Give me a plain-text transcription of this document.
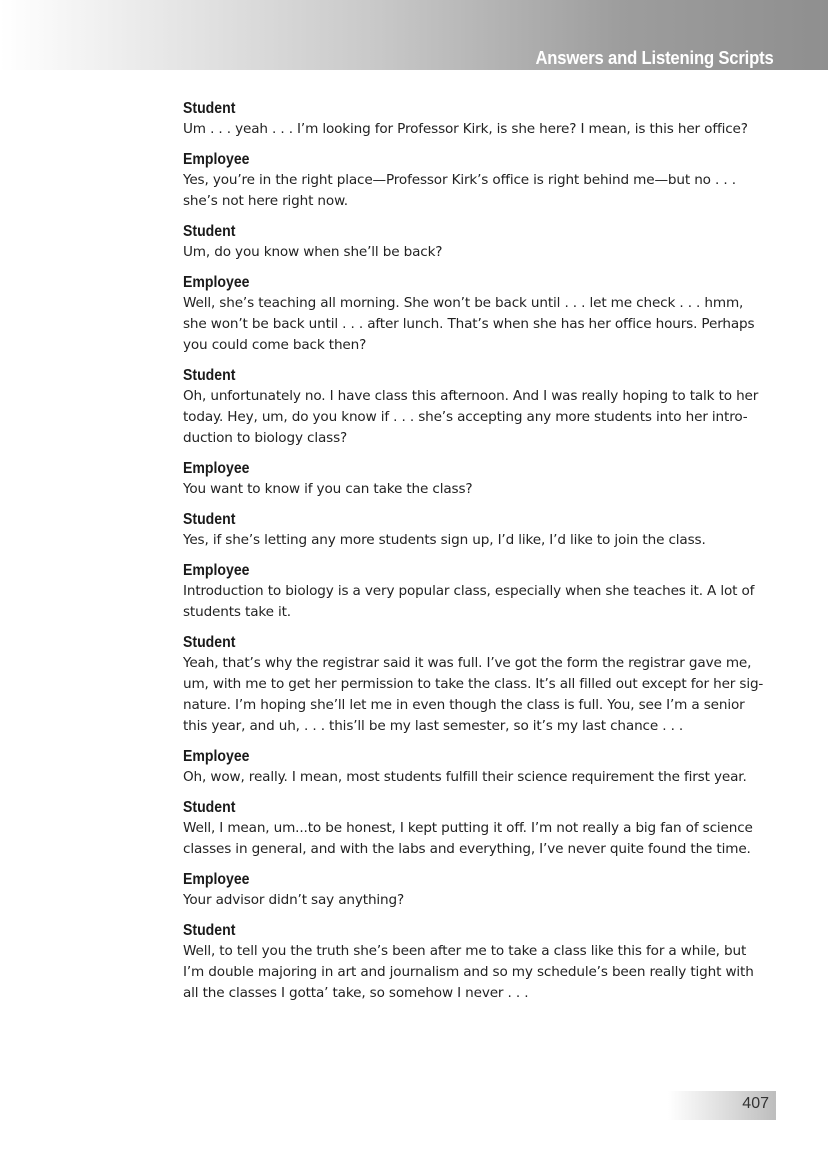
Answers and Listening Scripts
Student
Um . . . yeah . . . I’m looking for Professor Kirk, is she here? I mean, is this her office?
Employee
Yes, you’re in the right place—Professor Kirk’s office is right behind me—but no . . .
she’s not here right now.
Student
Um, do you know when she’ll be back?
Employee
Well, she’s teaching all morning. She won’t be back until . . . let me check . . . hmm,
she won’t be back until . . . after lunch. That’s when she has her office hours. Perhaps
you could come back then?
Student
Oh, unfortunately no. I have class this afternoon. And I was really hoping to talk to her
today. Hey, um, do you know if . . . she’s accepting any more students into her intro-
duction to biology class?
Employee
You want to know if you can take the class?
Student
Yes, if she’s letting any more students sign up, I’d like, I’d like to join the class.
Employee
Introduction to biology is a very popular class, especially when she teaches it. A lot of
students take it.
Student
Yeah, that’s why the registrar said it was full. I’ve got the form the registrar gave me,
um, with me to get her permission to take the class. It’s all filled out except for her sig-
nature. I’m hoping she’ll let me in even though the class is full. You, see I’m a senior
this year, and uh, . . . this’ll be my last semester, so it’s my last chance . . .
Employee
Oh, wow, really. I mean, most students fulfill their science requirement the first year.
Student
Well, I mean, um...to be honest, I kept putting it off. I’m not really a big fan of science
classes in general, and with the labs and everything, I’ve never quite found the time.
Employee
Your advisor didn’t say anything?
Student
Well, to tell you the truth she’s been after me to take a class like this for a while, but
I’m double majoring in art and journalism and so my schedule’s been really tight with
all the classes I gotta’ take, so somehow I never . . .
407
